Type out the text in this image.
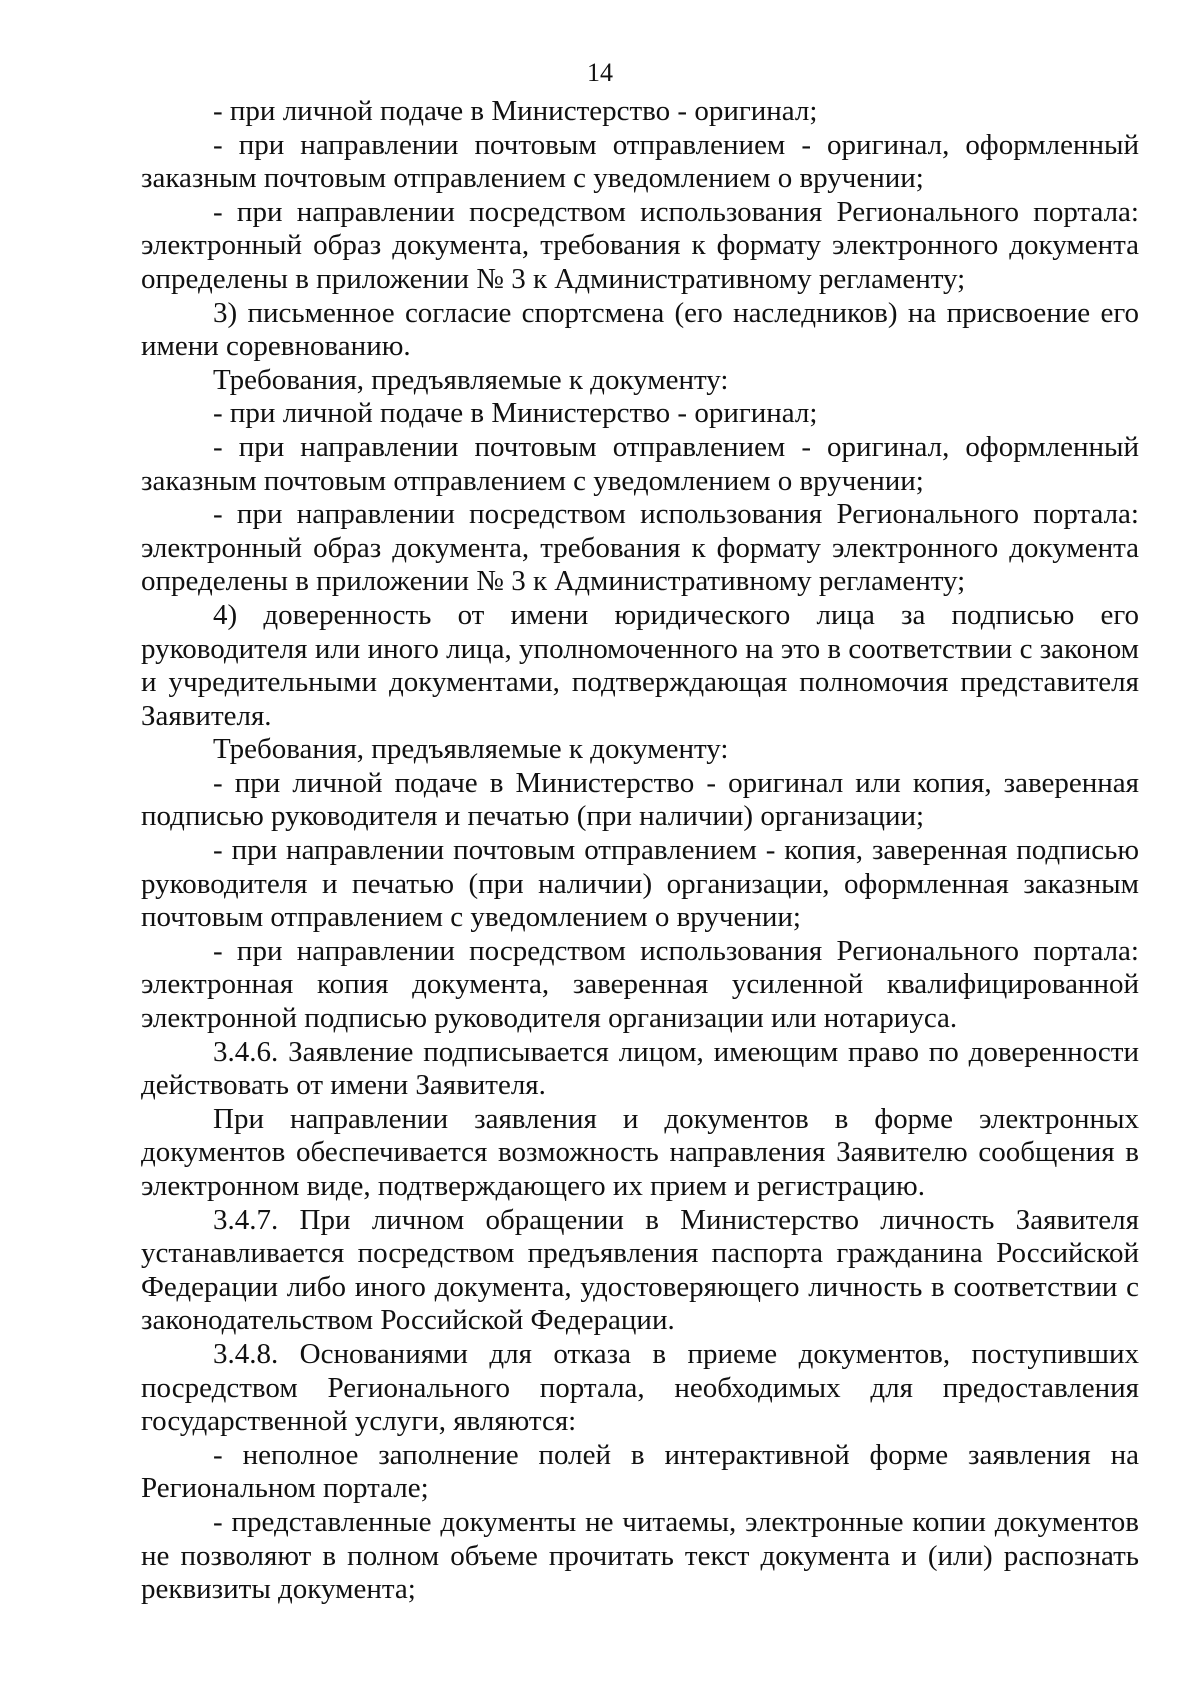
14

- при личной подаче в Министерство - оригинал;

- при направлении почтовым отправлением - оригинал, оформленный заказным почтовым отправлением с уведомлением о вручении;

- при направлении посредством использования Регионального портала: электронный образ документа, требования к формату электронного документа определены в приложении № 3 к Административному регламенту;

3) письменное согласие спортсмена (его наследников) на присвоение его имени соревнованию.

Требования, предъявляемые к документу:

- при личной подаче в Министерство - оригинал;

- при направлении почтовым отправлением - оригинал, оформленный заказным почтовым отправлением с уведомлением о вручении;

- при направлении посредством использования Регионального портала: электронный образ документа, требования к формату электронного документа определены в приложении № 3 к Административному регламенту;

4) доверенность от имени юридического лица за подписью его руководителя или иного лица, уполномоченного на это в соответствии с законом и учредительными документами, подтверждающая полномочия представителя Заявителя.

Требования, предъявляемые к документу:

- при личной подаче в Министерство - оригинал или копия, заверенная подписью руководителя и печатью (при наличии) организации;

- при направлении почтовым отправлением - копия, заверенная подписью руководителя и печатью (при наличии) организации, оформленная заказным почтовым отправлением с уведомлением о вручении;

- при направлении посредством использования Регионального портала: электронная копия документа, заверенная усиленной квалифицированной электронной подписью руководителя организации или нотариуса.

3.4.6. Заявление подписывается лицом, имеющим право по доверенности действовать от имени Заявителя.

При направлении заявления и документов в форме электронных документов обеспечивается возможность направления Заявителю сообщения в электронном виде, подтверждающего их прием и регистрацию.

3.4.7. При личном обращении в Министерство личность Заявителя устанавливается посредством предъявления паспорта гражданина Российской Федерации либо иного документа, удостоверяющего личность в соответствии с законодательством Российской Федерации.

3.4.8. Основаниями для отказа в приеме документов, поступивших посредством Регионального портала, необходимых для предоставления государственной услуги, являются:

- неполное заполнение полей в интерактивной форме заявления на Региональном портале;

- представленные документы не читаемы, электронные копии документов не позволяют в полном объеме прочитать текст документа и (или) распознать реквизиты документа;
